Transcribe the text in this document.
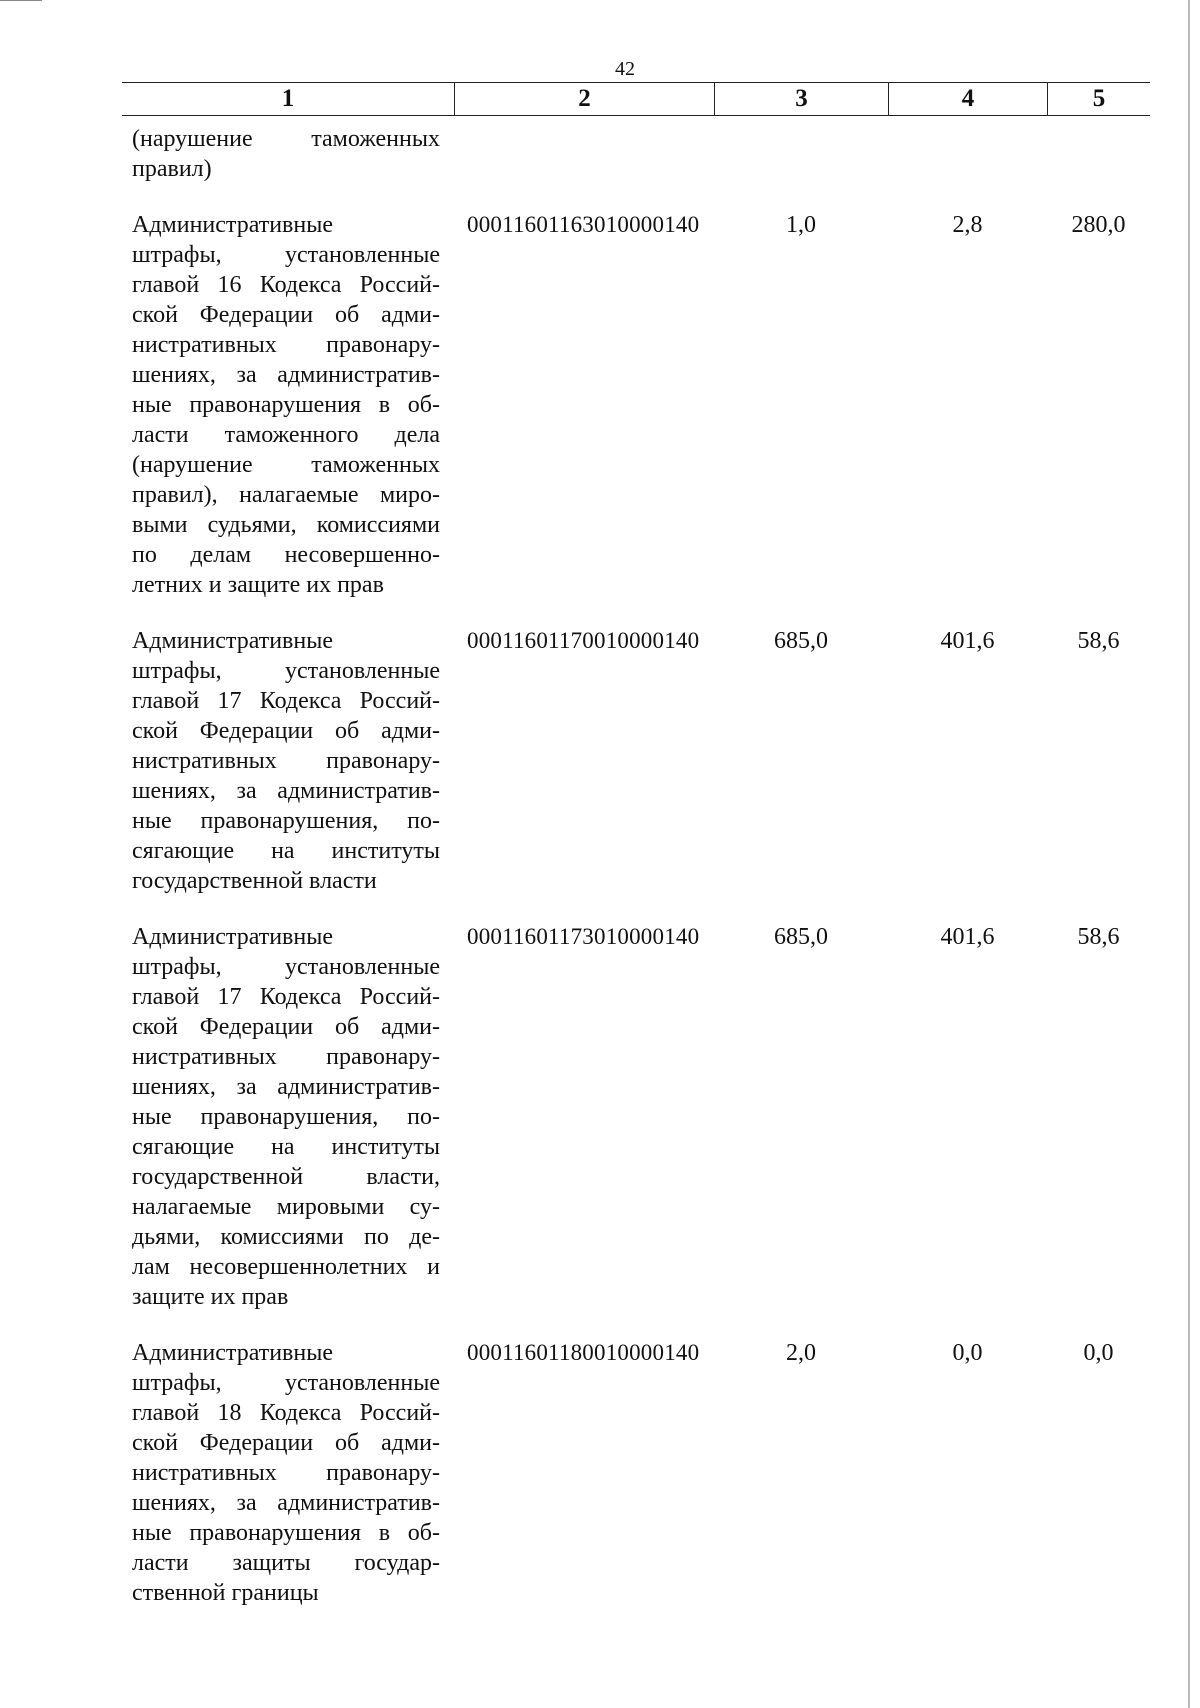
42
1	2	3	4	5
(нарушение таможенных
правил)
Административные
штрафы, установленные
главой 16 Кодекса Россий-
ской Федерации об адми-
нистративных правонару-
шениях, за административ-
ные правонарушения в об-
ласти таможенного дела
(нарушение таможенных
правил), налагаемые миро-
выми судьями, комиссиями
по делам несовершенно-
летних и защите их прав
00011601163010000140	1,0	2,8	280,0
Административные
штрафы, установленные
главой 17 Кодекса Россий-
ской Федерации об адми-
нистративных правонару-
шениях, за административ-
ные правонарушения, по-
сягающие на институты
государственной власти
00011601170010000140	685,0	401,6	58,6
Административные
штрафы, установленные
главой 17 Кодекса Россий-
ской Федерации об адми-
нистративных правонару-
шениях, за административ-
ные правонарушения, по-
сягающие на институты
государственной власти,
налагаемые мировыми су-
дьями, комиссиями по де-
лам несовершеннолетних и
защите их прав
00011601173010000140	685,0	401,6	58,6
Административные
штрафы, установленные
главой 18 Кодекса Россий-
ской Федерации об адми-
нистративных правонару-
шениях, за административ-
ные правонарушения в об-
ласти защиты государ-
ственной границы
00011601180010000140	2,0	0,0	0,0
